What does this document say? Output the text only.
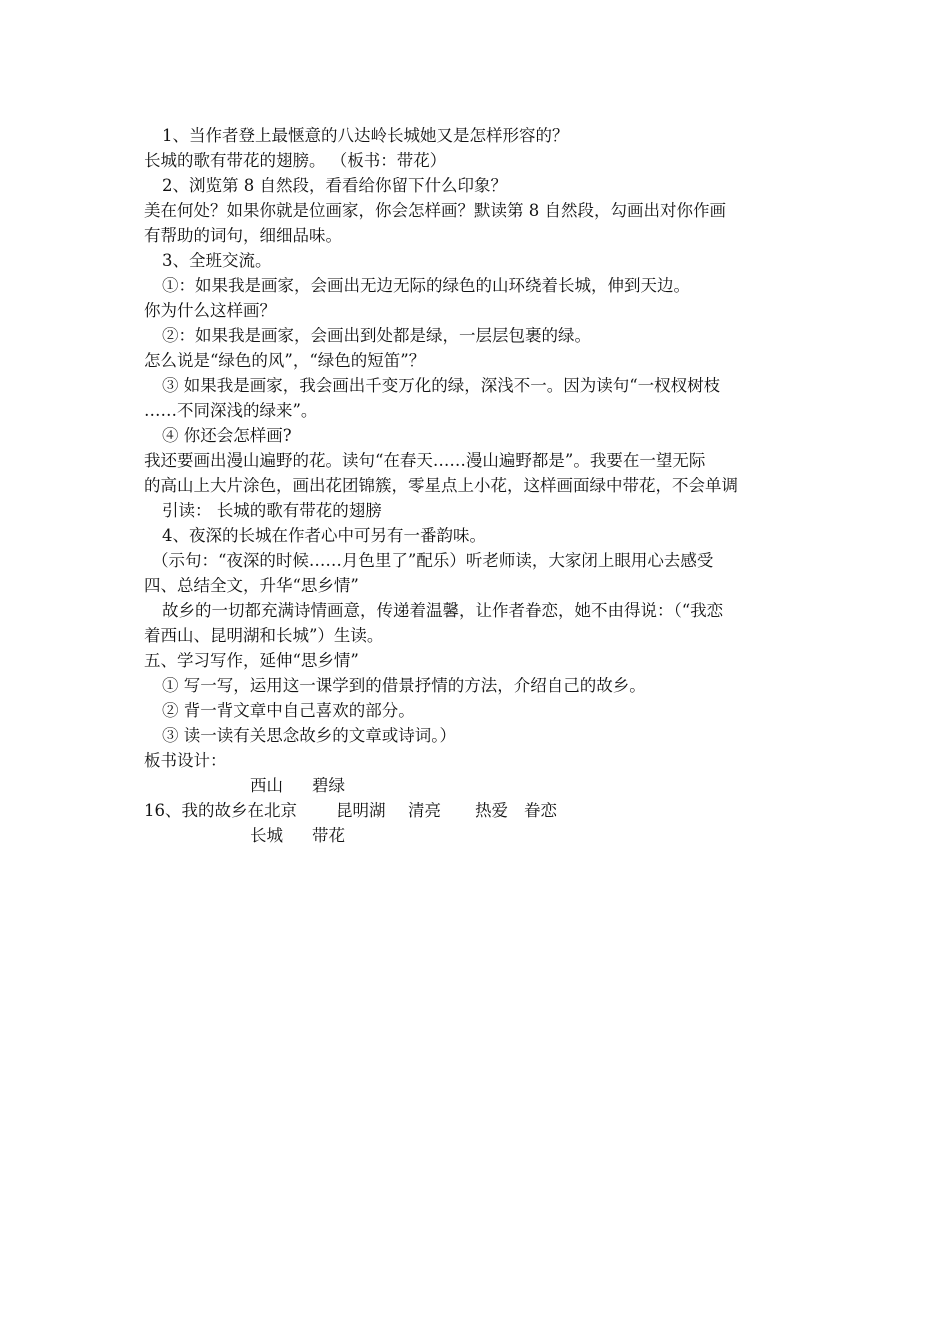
1、当作者登上最惬意的八达岭长城她又是怎样形容的？
长城的歌有带花的翅膀。 （板书：带花）
2、浏览第 8 自然段，看看给你留下什么印象？
美在何处？如果你就是位画家，你会怎样画？默读第 8 自然段，勾画出对你作画
有帮助的词句，细细品味。
3、全班交流。
①：如果我是画家，会画出无边无际的绿色的山环绕着长城，伸到天边。
你为什么这样画？
②：如果我是画家，会画出到处都是绿，一层层包裹的绿。
怎么说是“绿色的风”，“绿色的短笛”？
③ 如果我是画家，我会画出千变万化的绿，深浅不一。因为读句“一杈杈树枝
……不同深浅的绿来”。
④ 你还会怎样画?
我还要画出漫山遍野的花。读句“在春天……漫山遍野都是”。我要在一望无际
的高山上大片涂色，画出花团锦簇，零星点上小花，这样画面绿中带花，不会单调
引读： 长城的歌有带花的翅膀
4、夜深的长城在作者心中可另有一番韵味。
（示句：“夜深的时候……月色里了”配乐）听老师读，大家闭上眼用心去感受
四、总结全文，升华“思乡情”
故乡的一切都充满诗情画意，传递着温馨，让作者眷恋，她不由得说：（“我恋
着西山、昆明湖和长城”）生读。
五、学习写作，延伸“思乡情”
① 写一写，运用这一课学到的借景抒情的方法，介绍自己的故乡。
② 背一背文章中自己喜欢的部分。
③ 读一读有关思念故乡的文章或诗词。）
板书设计：
西山 碧绿
16、我的故乡在北京 昆明湖 清亮 热爱 眷恋
长城 带花
